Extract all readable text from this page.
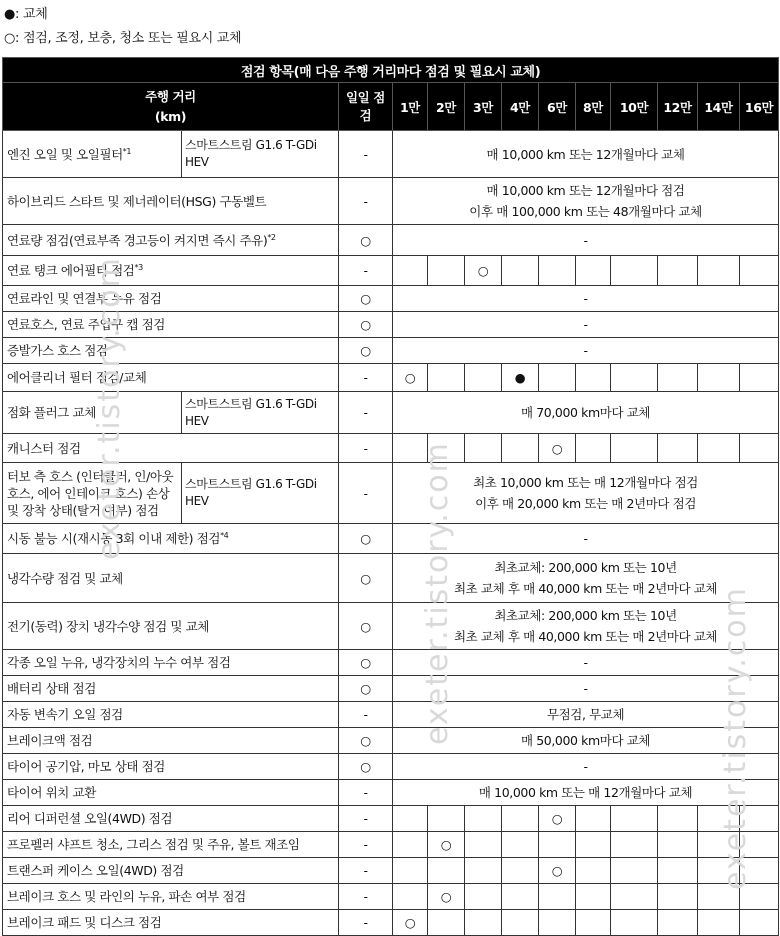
●: 교체
○: 점검, 조정, 보충, 청소 또는 필요시 교체
점검 항목(매 다음 주행 거리마다 점검 및 필요시 교체)												
주행 거리
(km)		일일 점
검	1만	2만	3만	4만	6만	8만	10만	12만	14만	16만
엔진 오일 및 오일필터$^{*1}$	스마트스트림 G1.6 T-GDi HEV	-	매 10,000 km 또는 12개월마다 교체									
하이브리드 스타트 및 제너레이터(HSG) 구동벨트		-	매 10,000 km 또는 12개월마다 점검
이후 매 100,000 km 또는 48개월마다 교체									
연료량 점검(연료부족 경고등이 켜지면 즉시 주유)$^{*2}$		○	-									
연료 탱크 에어필터 점검$^{*3}$		-			○							
연료라인 및 연결부 누유 점검		○	-									
연료호스, 연료 주입구 캡 점검		○	-									
증발가스 호스 점검		○	-									
에어클리너 필터 점검/교체		-	○			●						
점화 플러그 교체	스마트스트림 G1.6 T-GDi HEV	-	매 70,000 km마다 교체									
캐니스터 점검		-					○					
터보 측 호스 (인터쿨러, 인/아웃 호스, 에어 인테이크 호스) 손상 및 장착 상태(탈거 여부) 점검	스마트스트림 G1.6 T-GDi HEV	-	최초 10,000 km 또는 매 12개월마다 점검
이후 매 20,000 km 또는 매 2년마다 점검									
시동 불능 시(재시동 3회 이내 제한) 점검$^{*4}$		○	-									
냉각수량 점검 및 교체		○	최초교체: 200,000 km 또는 10년
최초 교체 후 매 40,000 km 또는 매 2년마다 교체									
전기(동력) 장치 냉각수양 점검 및 교체		○	최초교체: 200,000 km 또는 10년
최초 교체 후 매 40,000 km 또는 매 2년마다 교체									
각종 오일 누유, 냉각장치의 누수 여부 점검		○	-									
배터리 상태 점검		○	-									
자동 변속기 오일 점검		-	무점검, 무교체									
브레이크액 점검		○	매 50,000 km마다 교체									
타이어 공기압, 마모 상태 점검		○	-									
타이어 위치 교환		-	매 10,000 km 또는 매 12개월마다 교체									
리어 디퍼런셜 오일(4WD) 점검		-					○					
프로펠러 샤프트 청소, 그리스 점검 및 주유, 볼트 재조임		-		○								
트랜스퍼 케이스 오일(4WD) 점검		-					○					
브레이크 호스 및 라인의 누유, 파손 여부 점검		-		○								
브레이크 패드 및 디스크 점검		-	○									
exeter.tistory.com
exeter.tistory.com	exeter.tistory.com
